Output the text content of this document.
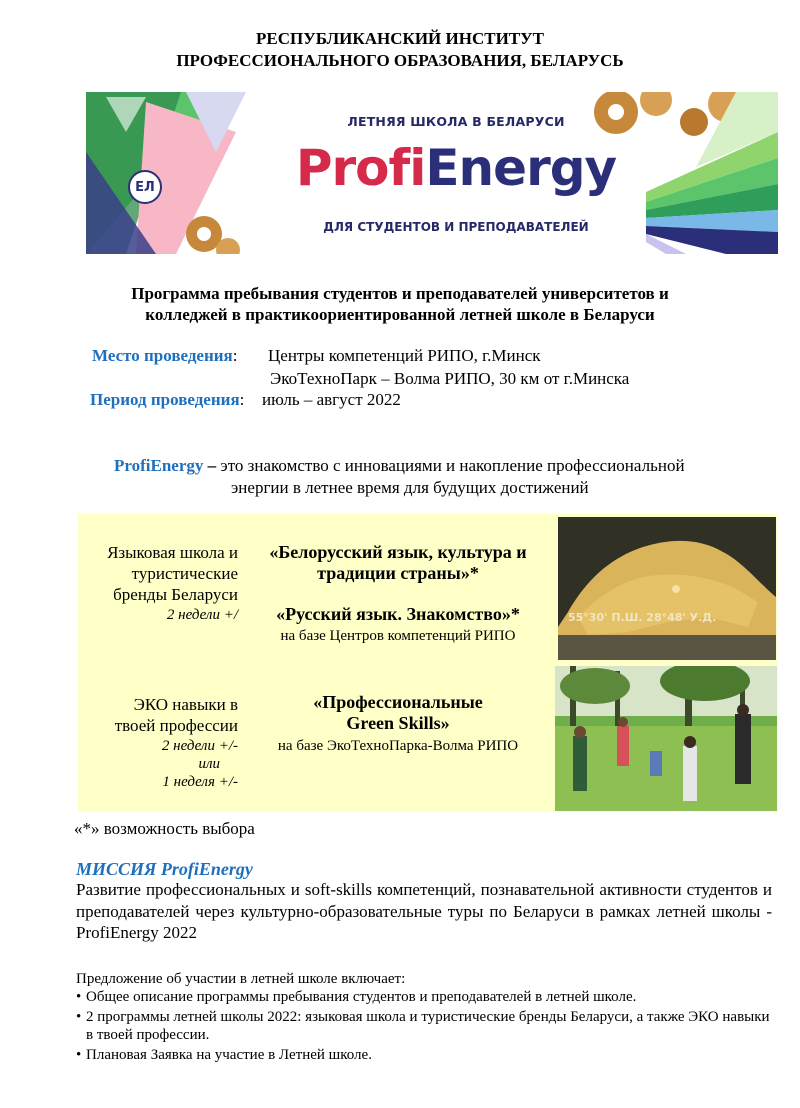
РЕСПУБЛИКАНСКИЙ ИНСТИТУТ
ПРОФЕССИОНАЛЬНОГО ОБРАЗОВАНИЯ, БЕЛАРУСЬ
ЕЛ
ЛЕТНЯЯ ШКОЛА В БЕЛАРУСИ
ProfiEnergy
ДЛЯ СТУДЕНТОВ И ПРЕПОДАВАТЕЛЕЙ
Программа пребывания студентов и преподавателей университетов и
колледжей в практикоориентированной летней школе в Беларуси
Место проведения: Центры компетенций РИПО, г.Минск
ЭкоТехноПарк – Волма РИПО, 30 км от г.Минска
Период проведения: июль – август 2022
ProfiEnergy – это знакомство с инновациями и накопление профессиональной
энергии в летнее время для будущих достижений
Языковая школа и
туристические
бренды Беларуси
2 недели +/
«Белорусский язык, культура и
традиции страны»*
«Русский язык. Знакомство»*
на базе Центров компетенций РИПО
55°30' П.Ш. 28°48' У.Д.
ЭКО навыки в
твоей профессии
2 недели +/-
или
1 неделя +/-
«Профессиональные
Green Skills»
на базе ЭкоТехноПарка-Волма РИПО
«*» возможность выбора
МИССИЯ ProfiEnergy
Развитие профессиональных и soft-skills компетенций, познавательной активности студентов и преподавателей через культурно-образовательные туры по Беларуси в рамках летней школы - ProfiEnergy 2022
Предложение об участии в летней школе включает:
• Общее описание программы пребывания студентов и преподавателей в летней школе.
• 2 программы летней школы 2022: языковая школа и туристические бренды Беларуси, а также ЭКО навыки в твоей профессии.
• Плановая Заявка на участие в Летней школе.
